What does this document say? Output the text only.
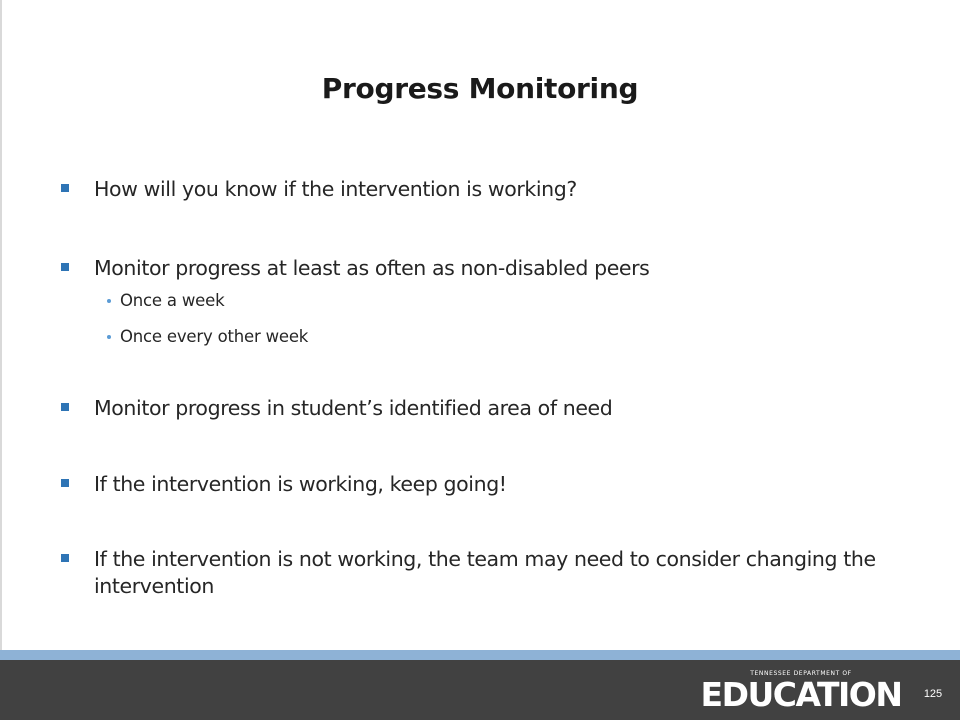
Progress Monitoring
How will you know if the intervention is working?
Monitor progress at least as often as non-disabled peers
Once a week
Once every other week
Monitor progress in student’s identified area of need
If the intervention is working, keep going!
If the intervention is not working, the team may need to consider changing the intervention
TENNESSEE DEPARTMENT OF
EDUCATION	125
